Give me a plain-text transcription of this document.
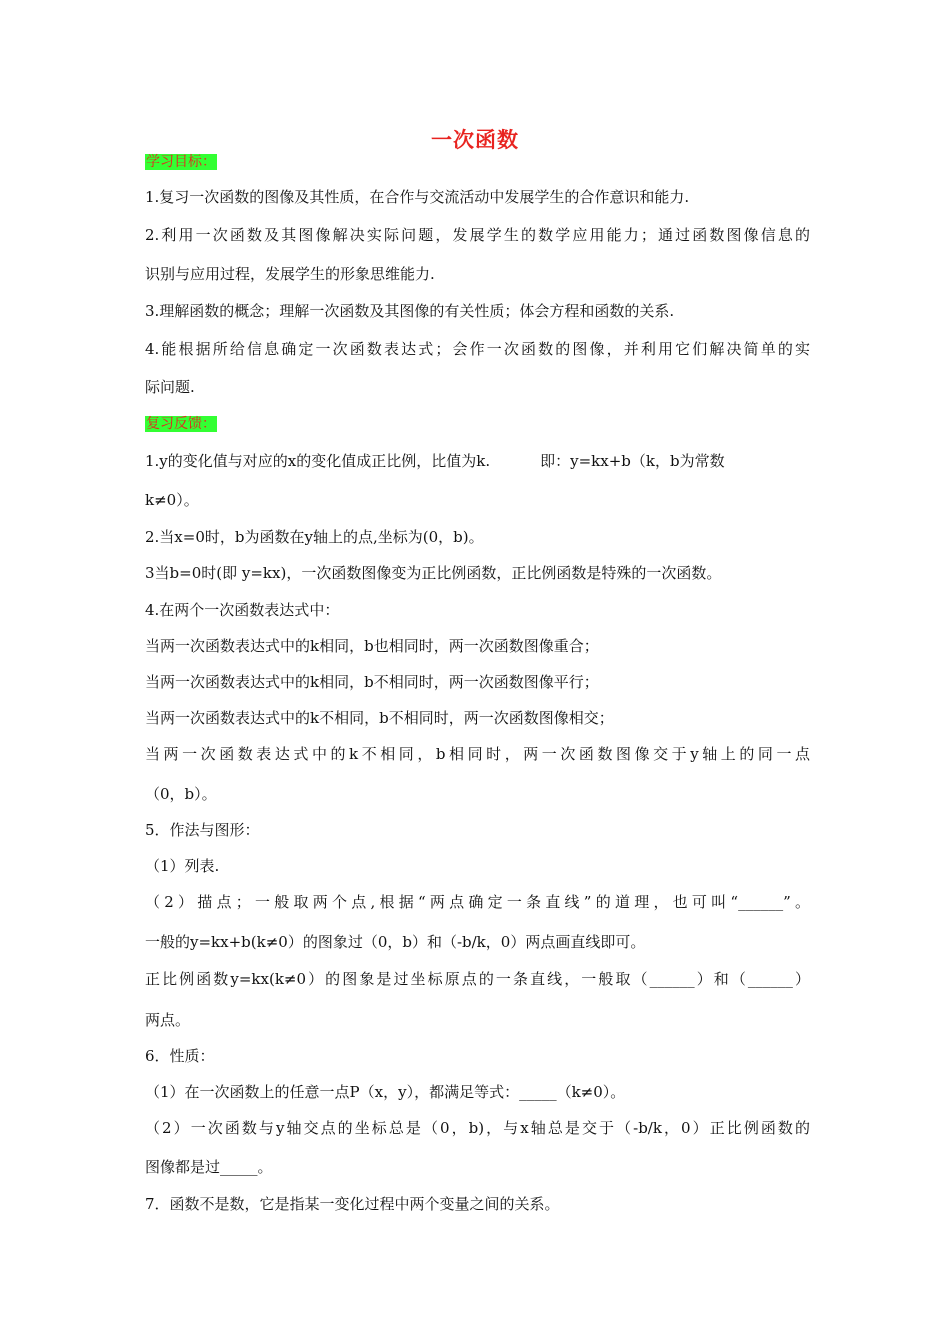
一次函数
学习目标：
1.复习一次函数的图像及其性质，在合作与交流活动中发展学生的合作意识和能力.
2.利用一次函数及其图像解决实际问题，发展学生的数学应用能力；通过函数图像信息的
识别与应用过程，发展学生的形象思维能力.
3.理解函数的概念；理解一次函数及其图像的有关性质；体会方程和函数的关系.
4.能根据所给信息确定一次函数表达式；会作一次函数的图像，并利用它们解决简单的实
际问题.
复习反馈：
1.y的变化值与对应的x的变化值成正比例，比值为k.	即：y=kx+b（k，b为常数
k≠0）。
2.当x=0时，b为函数在y轴上的点,坐标为(0，b)。
3当b=0时(即 y=kx)，一次函数图像变为正比例函数，正比例函数是特殊的一次函数。
4.在两个一次函数表达式中：
当两一次函数表达式中的k相同，b也相同时，两一次函数图像重合；
当两一次函数表达式中的k相同，b不相同时，两一次函数图像平行；
当两一次函数表达式中的k不相同，b不相同时，两一次函数图像相交；
当两一次函数表达式中的k不相同，b相同时，两一次函数图像交于y轴上的同一点
（0，b）。
5．作法与图形：
（1）列表.
（2）描点；一般取两个点,根据“两点确定一条直线”的道理，也可叫“______”。
一般的y=kx+b(k≠0）的图象过（0，b）和（-b/k，0）两点画直线即可。
正比例函数y=kx(k≠0）的图象是过坐标原点的一条直线，一般取（______）和（______）
两点。
6．性质：
（1）在一次函数上的任意一点P（x，y），都满足等式：_____（k≠0）。
（2）一次函数与y轴交点的坐标总是（0，b)，与x轴总是交于（-b/k，0）正比例函数的
图像都是过_____。
7．函数不是数，它是指某一变化过程中两个变量之间的关系。
